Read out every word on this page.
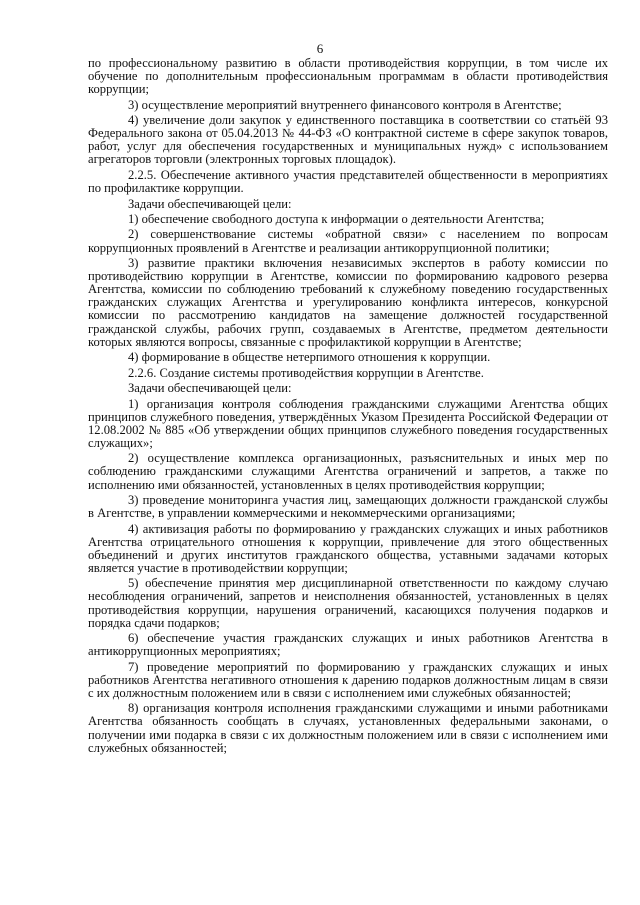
6

по профессиональному развитию в области противодействия коррупции, в том числе их обучение по дополнительным профессиональным программам в области противодействия коррупции;

3) осуществление мероприятий внутреннего финансового контроля в Агентстве;

4) увеличение доли закупок у единственного поставщика в соответствии со статьёй 93 Федерального закона от 05.04.2013 № 44-ФЗ «О контрактной системе в сфере закупок товаров, работ, услуг для обеспечения государственных и муниципальных нужд» с использованием агрегаторов торговли (электронных торговых площадок).

2.2.5. Обеспечение активного участия представителей общественности в мероприятиях по профилактике коррупции.

Задачи обеспечивающей цели:

1) обеспечение свободного доступа к информации о деятельности Агентства;

2) совершенствование системы «обратной связи» с населением по вопросам коррупционных проявлений в Агентстве и реализации антикоррупционной политики;

3) развитие практики включения независимых экспертов в работу комиссии по противодействию коррупции в Агентстве, комиссии по формированию кадрового резерва Агентства, комиссии по соблюдению требований к служебному поведению государственных гражданских служащих Агентства и урегулированию конфликта интересов, конкурсной комиссии по рассмотрению кандидатов на замещение должностей государственной гражданской службы, рабочих групп, создаваемых в Агентстве, предметом деятельности которых являются вопросы, связанные с профилактикой коррупции в Агентстве;

4) формирование в обществе нетерпимого отношения к коррупции.

2.2.6. Создание системы противодействия коррупции в Агентстве.

Задачи обеспечивающей цели:

1) организация контроля соблюдения гражданскими служащими Агентства общих принципов служебного поведения, утверждённых Указом Президента Российской Федерации от 12.08.2002 № 885 «Об утверждении общих принципов служебного поведения государственных служащих»;

2) осуществление комплекса организационных, разъяснительных и иных мер по соблюдению гражданскими служащими Агентства ограничений и запретов, а также по исполнению ими обязанностей, установленных в целях противодействия коррупции;

3) проведение мониторинга участия лиц, замещающих должности гражданской службы в Агентстве, в управлении коммерческими и некоммерческими организациями;

4) активизация работы по формированию у гражданских служащих и иных работников Агентства отрицательного отношения к коррупции, привлечение для этого общественных объединений и других институтов гражданского общества, уставными задачами которых является участие в противодействии коррупции;

5) обеспечение принятия мер дисциплинарной ответственности по каждому случаю несоблюдения ограничений, запретов и неисполнения обязанностей, установленных в целях противодействия коррупции, нарушения ограничений, касающихся получения подарков и порядка сдачи подарков;

6) обеспечение участия гражданских служащих и иных работников Агентства в антикоррупционных мероприятиях;

7) проведение мероприятий по формированию у гражданских служащих и иных работников Агентства негативного отношения к дарению подарков должностным лицам в связи с их должностным положением или в связи с исполнением ими служебных обязанностей;

8) организация контроля исполнения гражданскими служащими и иными работниками Агентства обязанность сообщать в случаях, установленных федеральными законами, о получении ими подарка в связи с их должностным положением или в связи с исполнением ими служебных обязанностей;
